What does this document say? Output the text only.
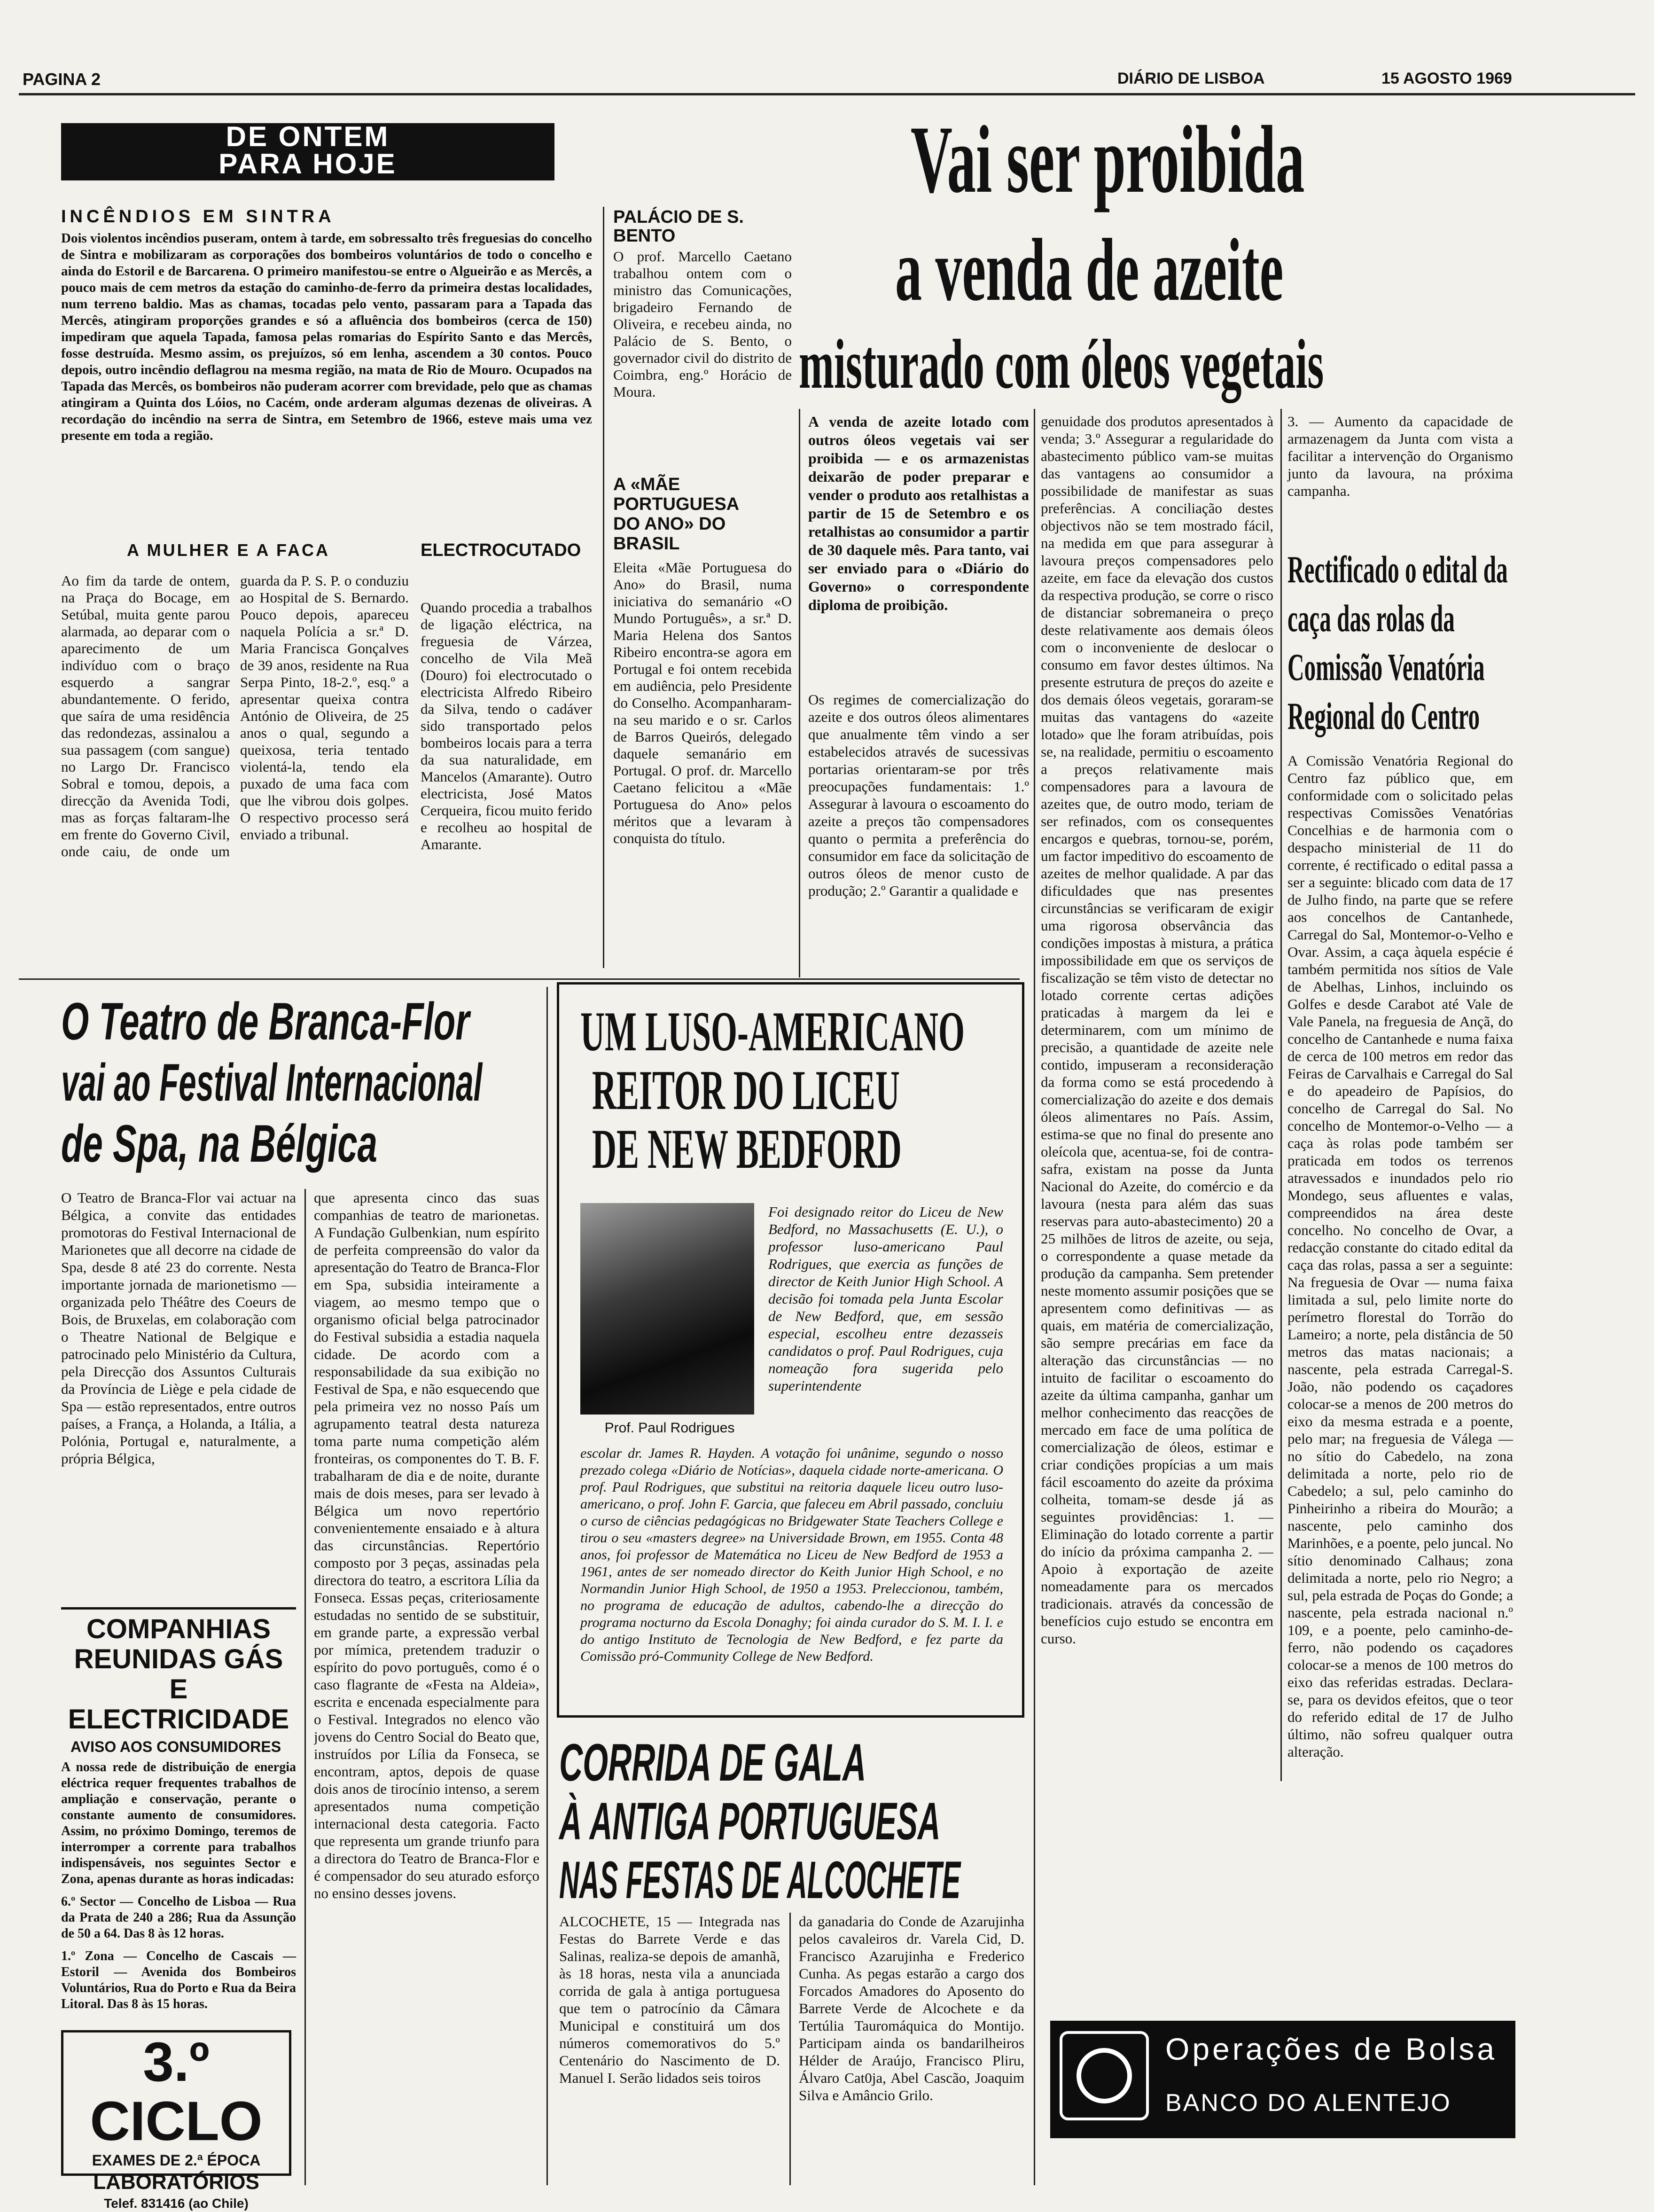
PAGINA 2	DIÁRIO DE LISBOA	15 AGOSTO 1969
DE ONTEM
PARA HOJE
INCÊNDIOS EM SINTRA
Dois violentos incêndios puseram, ontem à tarde, em sobressalto três freguesias do concelho de Sintra e mobilizaram as corporações dos bombeiros voluntários de todo o concelho e ainda do Estoril e de Barcarena. O primeiro manifestou-se entre o Algueirão e as Mercês, a pouco mais de cem metros da estação do caminho-de-ferro da primeira destas localidades, num terreno baldio. Mas as chamas, tocadas pelo vento, passaram para a Tapada das Mercês, atingiram proporções grandes e só a afluência dos bombeiros (cerca de 150) impediram que aquela Tapada, famosa pelas romarias do Espírito Santo e das Mercês, fosse destruída. Mesmo assim, os prejuízos, só em lenha, ascendem a 30 contos. Pouco depois, outro incêndio deflagrou na mesma região, na mata de Rio de Mouro. Ocupados na Tapada das Mercês, os bombeiros não puderam acorrer com brevidade, pelo que as chamas atingiram a Quinta dos Lóios, no Cacém, onde arderam algumas dezenas de oliveiras. A recordação do incêndio na serra de Sintra, em Setembro de 1966, esteve mais uma vez presente em toda a região.
PALÁCIO DE S. BENTO
O prof. Marcello Caetano trabalhou ontem com o ministro das Comunicações, brigadeiro Fernando de Oliveira, e recebeu ainda, no Palácio de S. Bento, o governador civil do distrito de Coimbra, eng.º Horácio de Moura.
A «MÃE PORTUGUESA DO ANO» DO BRASIL
Eleita «Mãe Portuguesa do Ano» do Brasil, numa iniciativa do semanário «O Mundo Português», a sr.ª D. Maria Helena dos Santos Ribeiro encontra-se agora em Portugal e foi ontem recebida em audiência, pelo Presidente do Conselho. Acompanharam-na seu marido e o sr. Carlos de Barros Queirós, delegado daquele semanário em Portugal. O prof. dr. Marcello Caetano felicitou a «Mãe Portuguesa do Ano» pelos méritos que a levaram à conquista do título.
A MULHER E A FACA
Ao fim da tarde de ontem, na Praça do Bocage, em Setúbal, muita gente parou alarmada, ao deparar com o aparecimento de um indivíduo com o braço esquerdo a sangrar abundantemente. O ferido, que saíra de uma residência das redondezas, assinalou a sua passagem (com sangue) no Largo Dr. Francisco Sobral e tomou, depois, a direcção da Avenida Todi, mas as forças faltaram-lhe em frente do Governo Civil, onde caiu, de onde um guarda da P. S. P. o conduziu ao Hospital de S. Bernardo. Pouco depois, apareceu naquela Polícia a sr.ª D. Maria Francisca Gonçalves de 39 anos, residente na Rua Serpa Pinto, 18-2.º, esq.º a apresentar queixa contra António de Oliveira, de 25 anos o qual, segundo a queixosa, teria tentado violentá-la, tendo ela puxado de uma faca com que lhe vibrou dois golpes. O respectivo processo será enviado a tribunal.
ELECTROCUTADO
Quando procedia a trabalhos de ligação eléctrica, na freguesia de Várzea, concelho de Vila Meã (Douro) foi electrocutado o electricista Alfredo Ribeiro da Silva, tendo o cadáver sido transportado pelos bombeiros locais para a terra da sua naturalidade, em Mancelos (Amarante). Outro electricista, José Matos Cerqueira, ficou muito ferido e recolheu ao hospital de Amarante.
Vai ser proibida
a venda de azeite
misturado com óleos vegetais
A venda de azeite lotado com outros óleos vegetais vai ser proibida — e os armazenistas deixarão de poder preparar e vender o produto aos retalhistas a partir de 15 de Setembro e os retalhistas ao consumidor a partir de 30 daquele mês. Para tanto, vai ser enviado para o «Diário do Governo» o correspondente diploma de proibição.
Os regimes de comercialização do azeite e dos outros óleos alimentares que anualmente têm vindo a ser estabelecidos através de sucessivas portarias orientaram-se por três preocupações fundamentais: 1.º Assegurar à lavoura o escoamento do azeite a preços tão compensadores quanto o permita a preferência do consumidor em face da solicitação de outros óleos de menor custo de produção; 2.º Garantir a qualidade e
genuidade dos produtos apresentados à venda; 3.º Assegurar a regularidade do abastecimento público vam-se muitas das vantagens ao consumidor a possibilidade de manifestar as suas preferências. A conciliação destes objectivos não se tem mostrado fácil, na medida em que para assegurar à lavoura preços compensadores pelo azeite, em face da elevação dos custos da respectiva produção, se corre o risco de distanciar sobremaneira o preço deste relativamente aos demais óleos com o inconveniente de deslocar o consumo em favor destes últimos. Na presente estrutura de preços do azeite e dos demais óleos vegetais, goraram-se muitas das vantagens do «azeite lotado» que lhe foram atribuídas, pois se, na realidade, permitiu o escoamento a preços relativamente mais compensadores para a lavoura de azeites que, de outro modo, teriam de ser refinados, com os consequentes encargos e quebras, tornou-se, porém, um factor impeditivo do escoamento de azeites de melhor qualidade. A par das dificuldades que nas presentes circunstâncias se verificaram de exigir uma rigorosa observância das condições impostas à mistura, a prática impossibilidade em que os serviços de fiscalização se têm visto de detectar no lotado corrente certas adições praticadas à margem da lei e determinarem, com um mínimo de precisão, a quantidade de azeite nele contido, impuseram a reconsideração da forma como se está procedendo à comercialização do azeite e dos demais óleos alimentares no País. Assim, estima-se que no final do presente ano oleícola que, acentua-se, foi de contra-safra, existam na posse da Junta Nacional do Azeite, do comércio e da lavoura (nesta para além das suas reservas para auto-abastecimento) 20 a 25 milhões de litros de azeite, ou seja, o correspondente a quase metade da produção da campanha. Sem pretender neste momento assumir posições que se apresentem como definitivas — as quais, em matéria de comercialização, são sempre precárias em face da alteração das circunstâncias — no intuito de facilitar o escoamento do azeite da última campanha, ganhar um melhor conhecimento das reacções de mercado em face de uma política de comercialização de óleos, estimar e criar condições propícias a um mais fácil escoamento do azeite da próxima colheita, tomam-se desde já as seguintes providências: 1. — Eliminação do lotado corrente a partir do início da próxima campanha 2. — Apoio à exportação de azeite nomeadamente para os mercados tradicionais. através da concessão de benefícios cujo estudo se encontra em curso.
3. — Aumento da capacidade de armazenagem da Junta com vista a facilitar a intervenção do Organismo junto da lavoura, na próxima campanha.
Rectificado o edital da caça das rolas da Comissão Venatória Regional do Centro
A Comissão Venatória Regional do Centro faz público que, em conformidade com o solicitado pelas respectivas Comissões Venatórias Concelhias e de harmonia com o despacho ministerial de 11 do corrente, é rectificado o edital passa a ser a seguinte: blicado com data de 17 de Julho findo, na parte que se refere aos concelhos de Cantanhede, Carregal do Sal, Montemor-o-Velho e Ovar. Assim, a caça àquela espécie é também permitida nos sítios de Vale de Abelhas, Linhos, incluindo os Golfes e desde Carabot até Vale de Vale Panela, na freguesia de Ançã, do concelho de Cantanhede e numa faixa de cerca de 100 metros em redor das Feiras de Carvalhais e Carregal do Sal e do apeadeiro de Papísios, do concelho de Carregal do Sal. No concelho de Montemor-o-Velho — a caça às rolas pode também ser praticada em todos os terrenos atravessados e inundados pelo rio Mondego, seus afluentes e valas, compreendidos na área deste concelho. No concelho de Ovar, a redacção constante do citado edital da caça das rolas, passa a ser a seguinte: Na freguesia de Ovar — numa faixa limitada a sul, pelo limite norte do perímetro florestal do Torrão do Lameiro; a norte, pela distância de 50 metros das matas nacionais; a nascente, pela estrada Carregal-S. João, não podendo os caçadores colocar-se a menos de 200 metros do eixo da mesma estrada e a poente, pelo mar; na freguesia de Válega — no sítio do Cabedelo, na zona delimitada a norte, pelo rio de Cabedelo; a sul, pelo caminho do Pinheirinho a ribeira do Mourão; a nascente, pelo caminho dos Marinhões, e a poente, pelo juncal. No sítio denominado Calhaus; zona delimitada a norte, pelo rio Negro; a sul, pela estrada de Poças do Gonde; a nascente, pela estrada nacional n.º 109, e a poente, pelo caminho-de-ferro, não podendo os caçadores colocar-se a menos de 100 metros do eixo das referidas estradas. Declara-se, para os devidos efeitos, que o teor do referido edital de 17 de Julho último, não sofreu qualquer outra alteração.
O Teatro de Branca-Flor
vai ao Festival Internacional
de Spa, na Bélgica
O Teatro de Branca-Flor vai actuar na Bélgica, a convite das entidades promotoras do Festival Internacional de Marionetes que all decorre na cidade de Spa, desde 8 até 23 do corrente. Nesta importante jornada de marionetismo — organizada pelo Théâtre des Coeurs de Bois, de Bruxelas, em colaboração com o Theatre National de Belgique e patrocinado pelo Ministério da Cultura, pela Direcção dos Assuntos Culturais da Província de Liège e pela cidade de Spa — estão representados, entre outros países, a França, a Holanda, a Itália, a Polónia, Portugal e, naturalmente, a própria Bélgica,
que apresenta cinco das suas companhias de teatro de marionetas. A Fundação Gulbenkian, num espírito de perfeita compreensão do valor da apresentação do Teatro de Branca-Flor em Spa, subsidia inteiramente a viagem, ao mesmo tempo que o organismo oficial belga patrocinador do Festival subsidia a estadia naquela cidade. De acordo com a responsabilidade da sua exibição no Festival de Spa, e não esquecendo que pela primeira vez no nosso País um agrupamento teatral desta natureza toma parte numa competição além fronteiras, os componentes do T. B. F. trabalharam de dia e de noite, durante mais de dois meses, para ser levado à Bélgica um novo repertório convenientemente ensaiado e à altura das circunstâncias. Repertório composto por 3 peças, assinadas pela directora do teatro, a escritora Lília da Fonseca. Essas peças, criteriosamente estudadas no sentido de se substituir, em grande parte, a expressão verbal por mímica, pretendem traduzir o espírito do povo português, como é o caso flagrante de «Festa na Aldeia», escrita e encenada especialmente para o Festival. Integrados no elenco vão jovens do Centro Social do Beato que, instruídos por Lília da Fonseca, se encontram, aptos, depois de quase dois anos de tirocínio intenso, a serem apresentados numa competição internacional desta categoria. Facto que representa um grande triunfo para a directora do Teatro de Branca-Flor e é compensador do seu aturado esforço no ensino desses jovens.
COMPANHIAS
REUNIDAS GÁS
E ELECTRICIDADE
AVISO AOS CONSUMIDORES
A nossa rede de distribuição de energia eléctrica requer frequentes trabalhos de ampliação e conservação, perante o constante aumento de consumidores. Assim, no próximo Domingo, teremos de interromper a corrente para trabalhos indispensáveis, nos seguintes Sector e Zona, apenas durante as horas indicadas:
6.º Sector — Concelho de Lisboa — Rua da Prata de 240 a 286; Rua da Assunção de 50 a 64. Das 8 às 12 horas.
1.º Zona — Concelho de Cascais — Estoril — Avenida dos Bombeiros Voluntários, Rua do Porto e Rua da Beira Litoral. Das 8 às 15 horas.
3.º CICLO
EXAMES DE 2.ª ÉPOCA
LABORATÓRIOS
Telef. 831416 (ao Chile)
UM LUSO-AMERICANO
REITOR DO LICEU
DE NEW BEDFORD
Prof. Paul Rodrigues
Foi designado reitor do Liceu de New Bedford, no Massachusetts (E. U.), o professor luso-americano Paul Rodrigues, que exercia as funções de director de Keith Junior High School. A decisão foi tomada pela Junta Escolar de New Bedford, que, em sessão especial, escolheu entre dezasseis candidatos o prof. Paul Rodrigues, cuja nomeação fora sugerida pelo superintendente
escolar dr. James R. Hayden. A votação foi unânime, segundo o nosso prezado colega «Diário de Notícias», daquela cidade norte-americana. O prof. Paul Rodrigues, que substitui na reitoria daquele liceu outro luso-americano, o prof. John F. Garcia, que faleceu em Abril passado, concluiu o curso de ciências pedagógicas no Bridgewater State Teachers College e tirou o seu «masters degree» na Universidade Brown, em 1955. Conta 48 anos, foi professor de Matemática no Liceu de New Bedford de 1953 a 1961, antes de ser nomeado director do Keith Junior High School, e no Normandin Junior High School, de 1950 a 1953. Preleccionou, também, no programa de educação de adultos, cabendo-lhe a direcção do programa nocturno da Escola Donaghy; foi ainda curador do S. M. I. I. e do antigo Instituto de Tecnologia de New Bedford, e fez parte da Comissão pró-Community College de New Bedford.
CORRIDA DE GALA
À ANTIGA PORTUGUESA
NAS FESTAS DE ALCOCHETE
ALCOCHETE, 15 — Integrada nas Festas do Barrete Verde e das Salinas, realiza-se depois de amanhã, às 18 horas, nesta vila a anunciada corrida de gala à antiga portuguesa que tem o patrocínio da Câmara Municipal e constituirá um dos números comemorativos do 5.º Centenário do Nascimento de D. Manuel I. Serão lidados seis toiros
da ganadaria do Conde de Azarujinha pelos cavaleiros dr. Varela Cid, D. Francisco Azarujinha e Frederico Cunha. As pegas estarão a cargo dos Forcados Amadores do Aposento do Barrete Verde de Alcochete e da Tertúlia Tauromáquica do Montijo. Participam ainda os bandarilheiros Hélder de Araújo, Francisco Pliru, Álvaro Cat0ja, Abel Cascão, Joaquim Silva e Amâncio Grilo.
Operações de Bolsa
BANCO DO ALENTEJO
